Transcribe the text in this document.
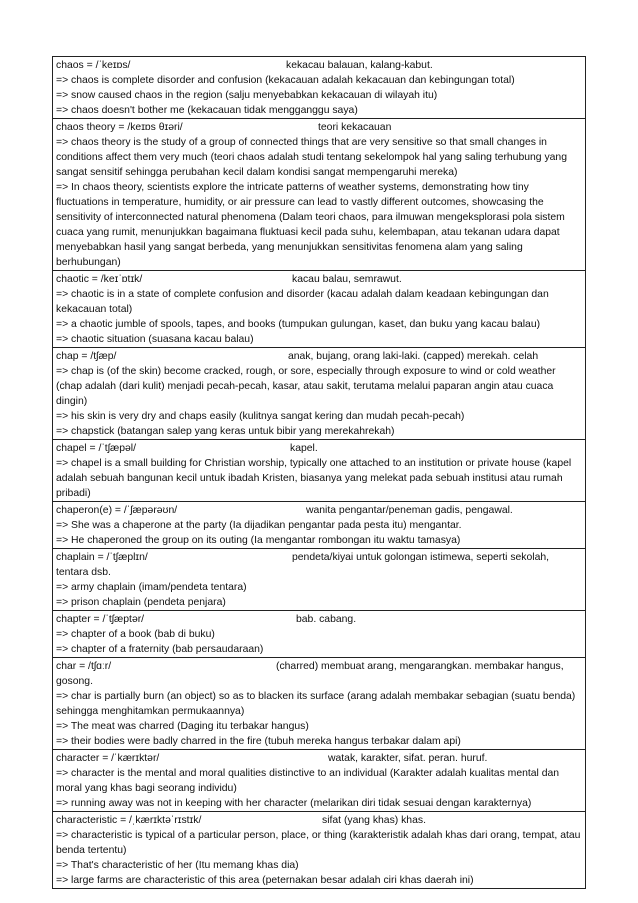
chaos = /ˈkeɪɒs/	kekacau balauan, kalang-kabut.
=> chaos is complete disorder and confusion (kekacauan adalah kekacauan dan kebingungan total)
=> snow caused chaos in the region (salju menyebabkan kekacauan di wilayah itu)
=> chaos doesn't bother me (kekacauan tidak mengganggu saya)
chaos theory = /keɪɒs θɪəri/	teori kekacauan
=> chaos theory is the study of a group of connected things that are very sensitive so that small changes in conditions affect them very much (teori chaos adalah studi tentang sekelompok hal yang saling terhubung yang sangat sensitif sehingga perubahan kecil dalam kondisi sangat mempengaruhi mereka)
=> In chaos theory, scientists explore the intricate patterns of weather systems, demonstrating how tiny fluctuations in temperature, humidity, or air pressure can lead to vastly different outcomes, showcasing the sensitivity of interconnected natural phenomena (Dalam teori chaos, para ilmuwan mengeksplorasi pola sistem cuaca yang rumit, menunjukkan bagaimana fluktuasi kecil pada suhu, kelembapan, atau tekanan udara dapat menyebabkan hasil yang sangat berbeda, yang menunjukkan sensitivitas fenomena alam yang saling berhubungan)
chaotic = /keɪˈɒtɪk/	kacau balau, semrawut.
=> chaotic is in a state of complete confusion and disorder (kacau adalah dalam keadaan kebingungan dan kekacauan total)
=> a chaotic jumble of spools, tapes, and books (tumpukan gulungan, kaset, dan buku yang kacau balau)
=> chaotic situation (suasana kacau balau)
chap = /tʃæp/	anak, bujang, orang laki-laki. (capped) merekah. celah
=> chap is (of the skin) become cracked, rough, or sore, especially through exposure to wind or cold weather (chap adalah (dari kulit) menjadi pecah-pecah, kasar, atau sakit, terutama melalui paparan angin atau cuaca dingin)
=> his skin is very dry and chaps easily (kulitnya sangat kering dan mudah pecah-pecah)
=> chapstick (batangan salep yang keras untuk bibir yang merekahrekah)
chapel = /ˈtʃæpəl/	kapel.
=> chapel is a small building for Christian worship, typically one attached to an institution or private house (kapel adalah sebuah bangunan kecil untuk ibadah Kristen, biasanya yang melekat pada sebuah institusi atau rumah pribadi)
chaperon(e) = /ˈʃæpərəʊn/	wanita pengantar/peneman gadis, pengawal.
=> She was a chaperone at the party (Ia dijadikan pengantar pada pesta itu) mengantar.
=> He chaperoned the group on its outing (Ia mengantar rombongan itu waktu tamasya)
chaplain = /ˈtʃæplɪn/	pendeta/kiyai untuk golongan istimewa, seperti sekolah,
tentara dsb.
=> army chaplain (imam/pendeta tentara)
=> prison chaplain (pendeta penjara)
chapter = /ˈtʃæptər/	bab. cabang.
=> chapter of a book (bab di buku)
=> chapter of a fraternity (bab persaudaraan)
char = /tʃɑːr/	(charred) membuat arang, mengarangkan. membakar hangus,
gosong.
=> char is partially burn (an object) so as to blacken its surface (arang adalah membakar sebagian (suatu benda) sehingga menghitamkan permukaannya)
=> The meat was charred (Daging itu terbakar hangus)
=> their bodies were badly charred in the fire (tubuh mereka hangus terbakar dalam api)
character = /ˈkærɪktər/	watak, karakter, sifat. peran. huruf.
=> character is the mental and moral qualities distinctive to an individual (Karakter adalah kualitas mental dan moral yang khas bagi seorang individu)
=> running away was not in keeping with her character (melarikan diri tidak sesuai dengan karakternya)
characteristic = /ˌkærɪktəˈrɪstɪk/	sifat (yang khas) khas.
=> characteristic is typical of a particular person, place, or thing (karakteristik adalah khas dari orang, tempat, atau benda tertentu)
=> That's characteristic of her (Itu memang khas dia)
=> large farms are characteristic of this area (peternakan besar adalah ciri khas daerah ini)
